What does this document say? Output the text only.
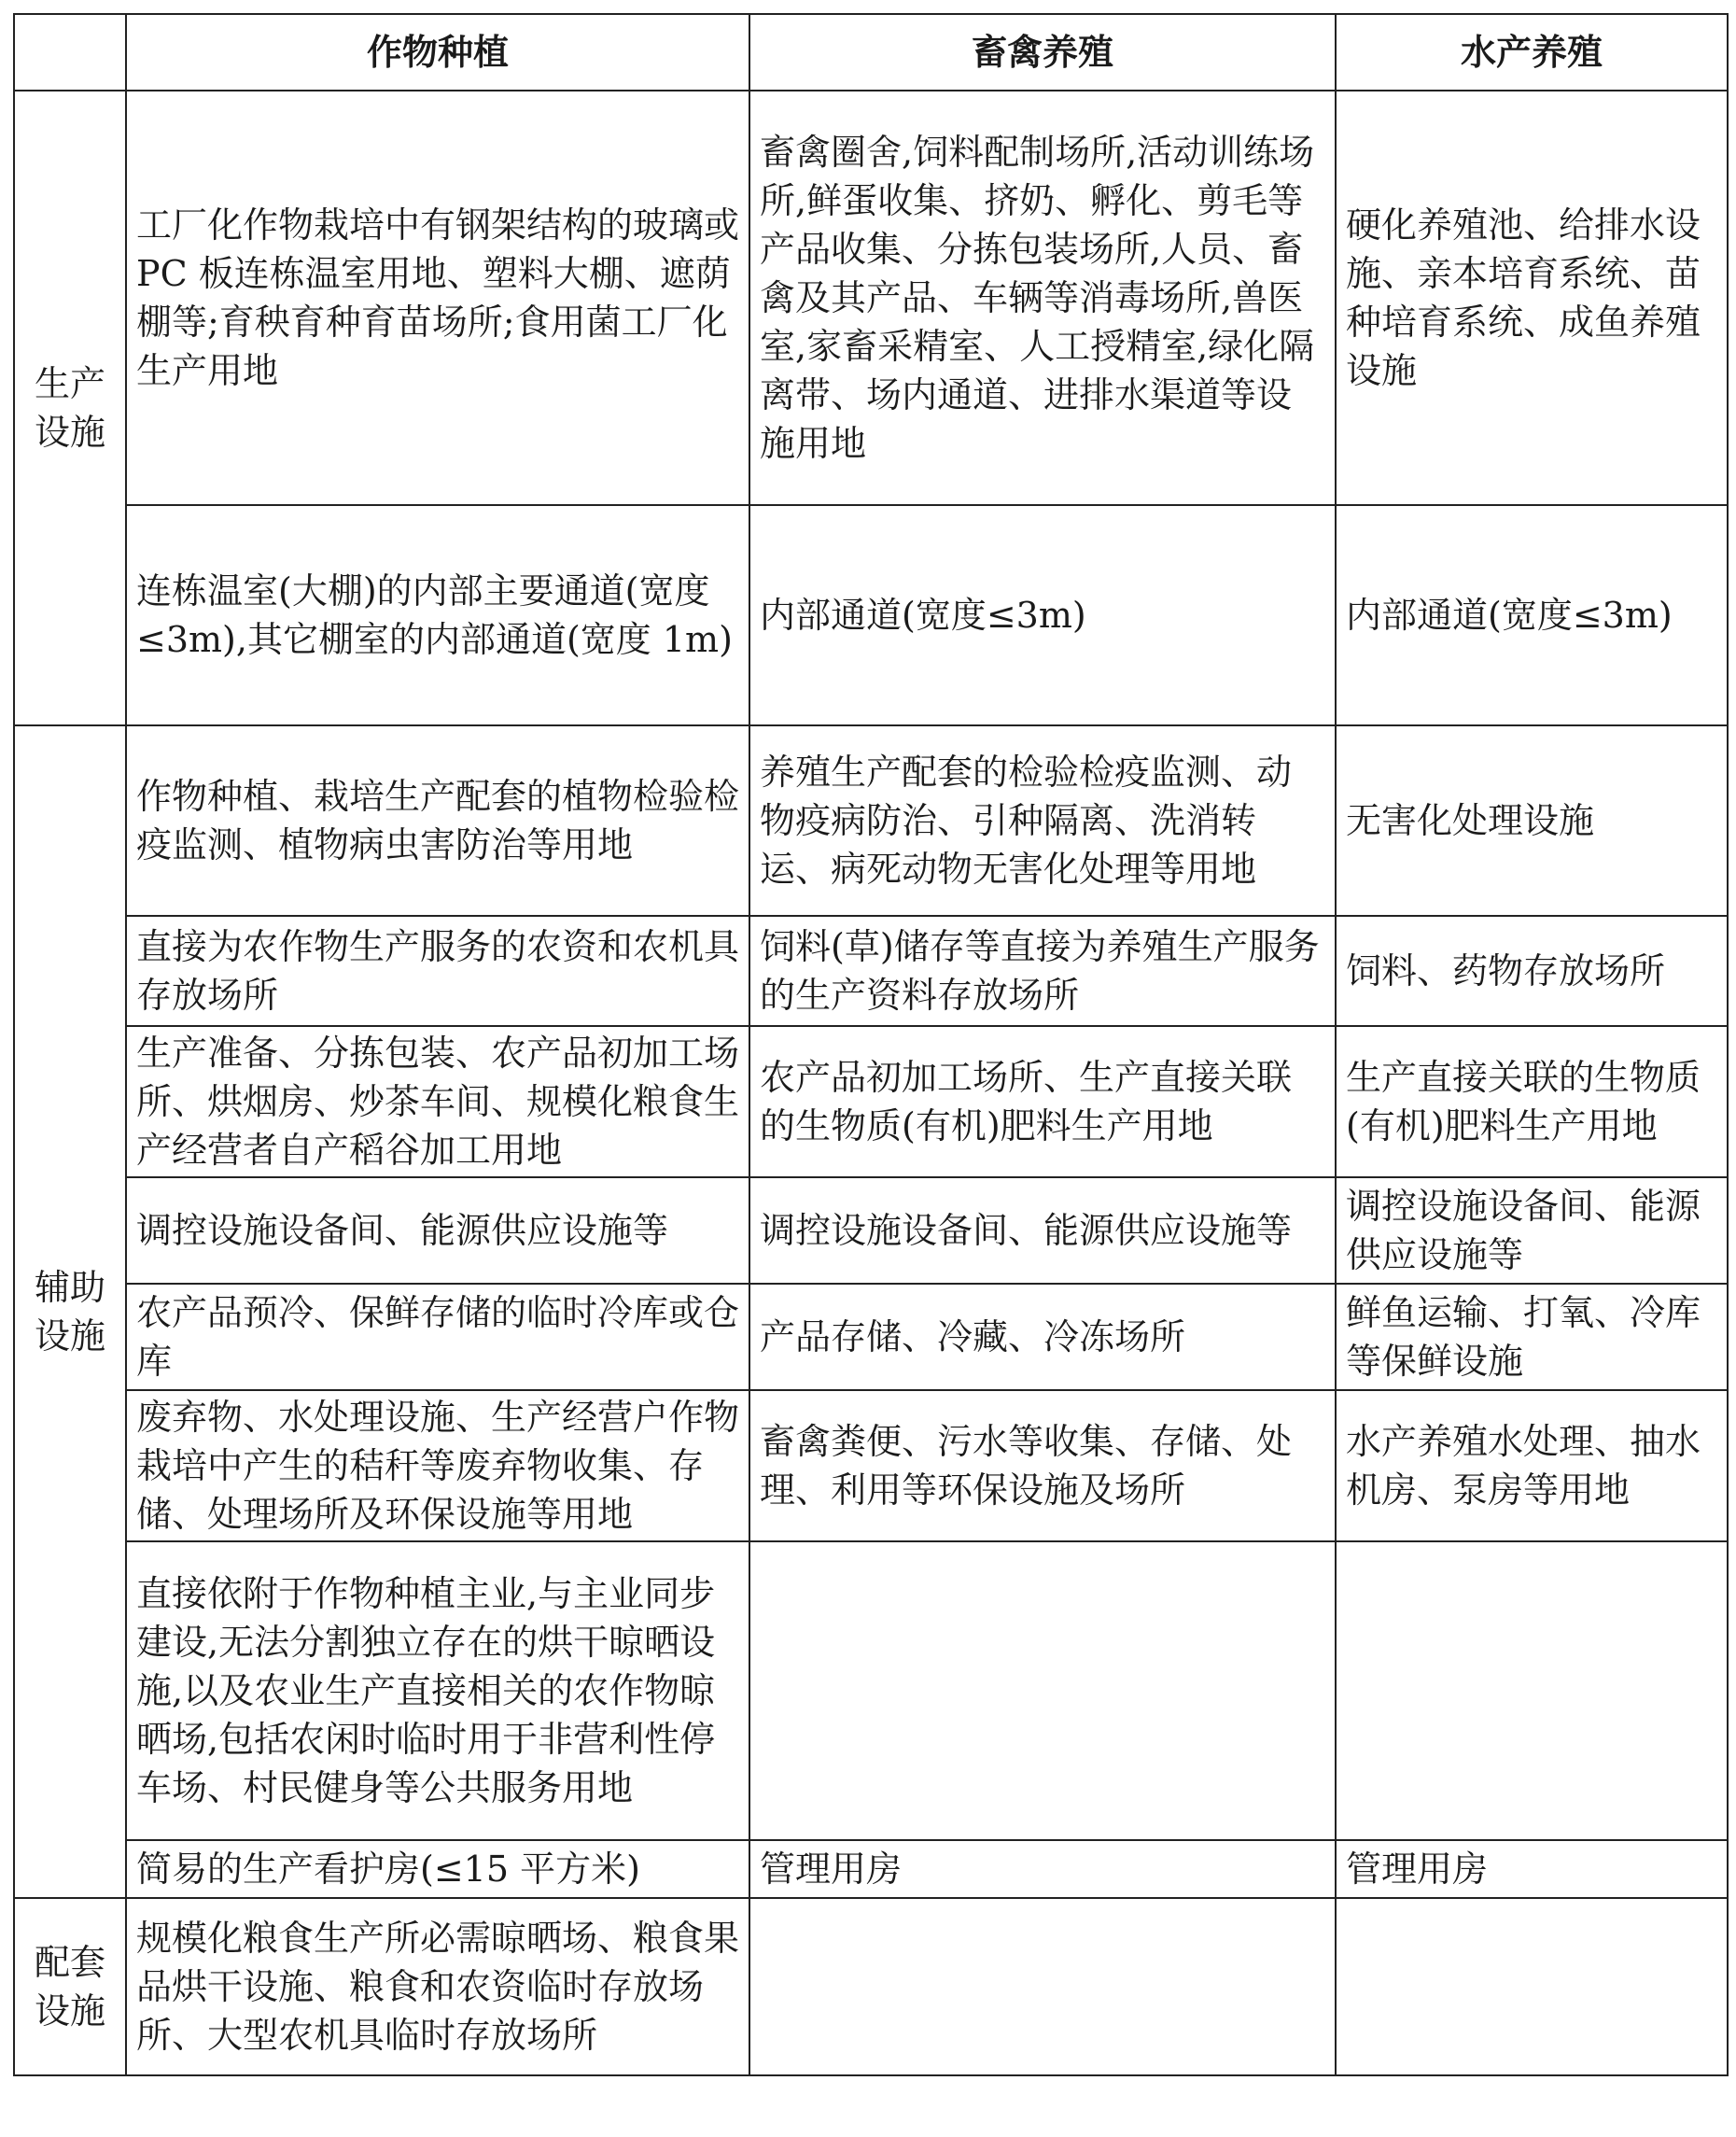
	作物种植	畜禽养殖	水产养殖
生产设施	工厂化作物栽培中有钢架结构的玻璃或 PC 板连栋温室用地、塑料大棚、遮荫棚等;育秧育种育苗场所;食用菌工厂化生产用地	畜禽圈舍,饲料配制场所,活动训练场所,鲜蛋收集、挤奶、孵化、剪毛等产品收集、分拣包装场所,人员、畜禽及其产品、车辆等消毒场所,兽医室,家畜采精室、人工授精室,绿化隔离带、场内通道、进排水渠道等设施用地	硬化养殖池、给排水设施、亲本培育系统、苗种培育系统、成鱼养殖设施
	连栋温室(大棚)的内部主要通道(宽度≤3m),其它棚室的内部通道(宽度 1m)	内部通道(宽度≤3m)	内部通道(宽度≤3m)
辅助设施	作物种植、栽培生产配套的植物检验检疫监测、植物病虫害防治等用地	养殖生产配套的检验检疫监测、动物疫病防治、引种隔离、洗消转运、病死动物无害化处理等用地	无害化处理设施
	直接为农作物生产服务的农资和农机具存放场所	饲料(草)储存等直接为养殖生产服务的生产资料存放场所	饲料、药物存放场所
	生产准备、分拣包装、农产品初加工场所、烘烟房、炒茶车间、规模化粮食生产经营者自产稻谷加工用地	农产品初加工场所、生产直接关联的生物质(有机)肥料生产用地	生产直接关联的生物质(有机)肥料生产用地
	调控设施设备间、能源供应设施等	调控设施设备间、能源供应设施等	调控设施设备间、能源供应设施等
	农产品预冷、保鲜存储的临时冷库或仓库	产品存储、冷藏、冷冻场所	鲜鱼运输、打氧、冷库等保鲜设施
	废弃物、水处理设施、生产经营户作物栽培中产生的秸秆等废弃物收集、存储、处理场所及环保设施等用地	畜禽粪便、污水等收集、存储、处理、利用等环保设施及场所	水产养殖水处理、抽水机房、泵房等用地
	直接依附于作物种植主业,与主业同步建设,无法分割独立存在的烘干晾晒设施,以及农业生产直接相关的农作物晾晒场,包括农闲时临时用于非营利性停车场、村民健身等公共服务用地		
	简易的生产看护房(≤15 平方米)	管理用房	管理用房
配套设施	规模化粮食生产所必需晾晒场、粮食果品烘干设施、粮食和农资临时存放场所、大型农机具临时存放场所		
